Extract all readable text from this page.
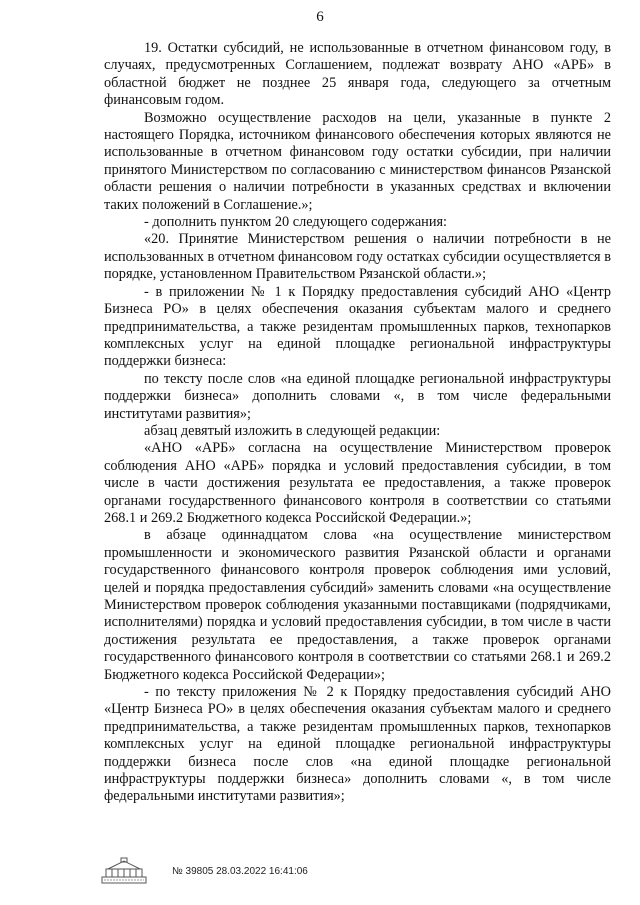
6

19. Остатки субсидий, не использованные в отчетном финансовом году, в случаях, предусмотренных Соглашением, подлежат возврату АНО «АРБ» в областной бюджет не позднее 25 января года, следующего за отчетным финансовым годом.

Возможно осуществление расходов на цели, указанные в пункте 2 настоящего Порядка, источником финансового обеспечения которых являются не использованные в отчетном финансовом году остатки субсидии, при наличии принятого Министерством по согласованию с министерством финансов Рязанской области решения о наличии потребности в указанных средствах и включении таких положений в Соглашение.»;

- дополнить пунктом 20 следующего содержания:

«20. Принятие Министерством решения о наличии потребности в не использованных в отчетном финансовом году остатках субсидии осуществляется в порядке, установленном Правительством Рязанской области.»;

- в приложении № 1 к Порядку предоставления субсидий АНО «Центр Бизнеса РО» в целях обеспечения оказания субъектам малого и среднего предпринимательства, а также резидентам промышленных парков, технопарков комплексных услуг на единой площадке региональной инфраструктуры поддержки бизнеса:

по тексту после слов «на единой площадке региональной инфраструктуры поддержки бизнеса» дополнить словами «, в том числе федеральными институтами развития»;

абзац девятый изложить в следующей редакции:

«АНО «АРБ» согласна на осуществление Министерством проверок соблюдения АНО «АРБ» порядка и условий предоставления субсидии, в том числе в части достижения результата ее предоставления, а также проверок органами государственного финансового контроля в соответствии со статьями 268.1 и 269.2 Бюджетного кодекса Российской Федерации.»;

в абзаце одиннадцатом слова «на осуществление министерством промышленности и экономического развития Рязанской области и органами государственного финансового контроля проверок соблюдения ими условий, целей и порядка предоставления субсидий» заменить словами «на осуществление Министерством проверок соблюдения указанными поставщиками (подрядчиками, исполнителями) порядка и условий предоставления субсидии, в том числе в части достижения результата ее предоставления, а также проверок органами государственного финансового контроля в соответствии со статьями 268.1 и 269.2 Бюджетного кодекса Российской Федерации»;

- по тексту приложения № 2 к Порядку предоставления субсидий АНО «Центр Бизнеса РО» в целях обеспечения оказания субъектам малого и среднего предпринимательства, а также резидентам промышленных парков, технопарков комплексных услуг на единой площадке региональной инфраструктуры поддержки бизнеса после слов «на единой площадке региональной инфраструктуры поддержки бизнеса» дополнить словами «, в том числе федеральными институтами развития»;

№ 39805 28.03.2022 16:41:06
